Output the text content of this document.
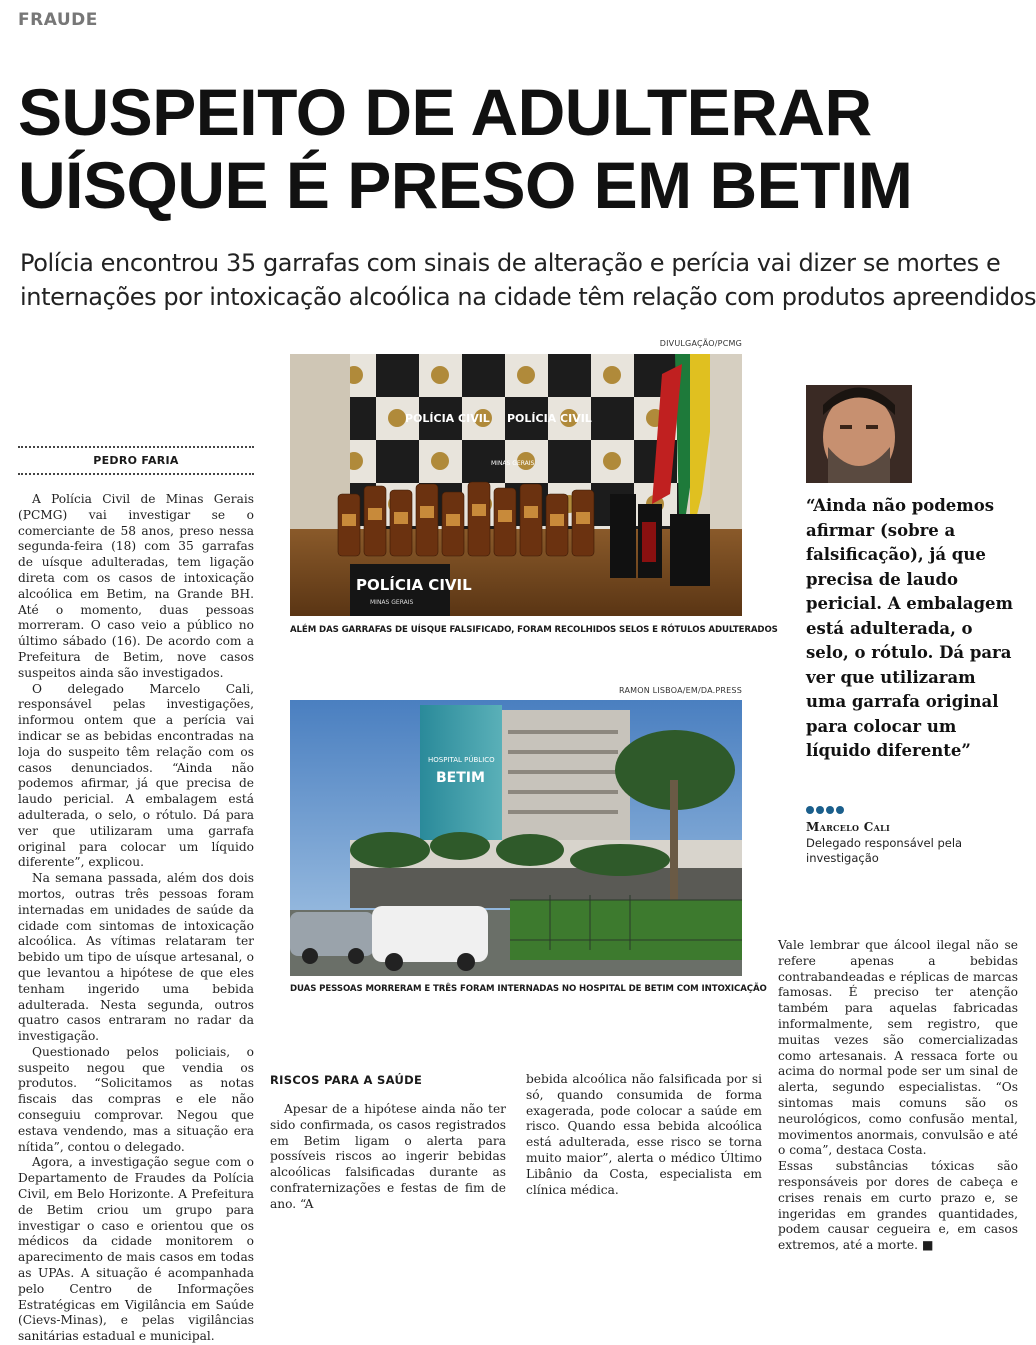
FRAUDE
SUSPEITO DE ADULTERAR
UÍSQUE É PRESO EM BETIM
Polícia encontrou 35 garrafas com sinais de alteração e perícia vai dizer se mortes e
internações por intoxicação alcoólica na cidade têm relação com produtos apreendidos
PEDRO FARIA

A Polícia Civil de Minas Gerais (PCMG) vai investigar se o comerciante de 58 anos, preso nessa segunda-feira (18) com 35 garrafas de uísque adulteradas, tem ligação direta com os casos de intoxicação alcoólica em Betim, na Grande BH. Até o momento, duas pessoas morreram. O caso veio a público no último sábado (16). De acordo com a Prefeitura de Betim, nove casos suspeitos ainda são investigados.

O delegado Marcelo Cali, responsável pelas investigações, informou ontem que a perícia vai indicar se as bebidas encontradas na loja do suspeito têm relação com os casos denunciados. “Ainda não podemos afirmar, já que precisa de laudo pericial. A embalagem está adulterada, o selo, o rótulo. Dá para ver que utilizaram uma garrafa original para colocar um líquido diferente”, explicou.

Na semana passada, além dos dois mortos, outras três pessoas foram internadas em unidades de saúde da cidade com sintomas de intoxicação alcoólica. As vítimas relataram ter bebido um tipo de uísque artesanal, o que levantou a hipótese de que eles tenham ingerido uma bebida adulterada. Nesta segunda, outros quatro casos entraram no radar da investigação.

Questionado pelos policiais, o suspeito negou que vendia os produtos. “Solicitamos as notas fiscais das compras e ele não conseguiu comprovar. Negou que estava vendendo, mas a situação era nítida”, contou o delegado.

Agora, a investigação segue com o Departamento de Fraudes da Polícia Civil, em Belo Horizonte. A Prefeitura de Betim criou um grupo para investigar o caso e orientou que os médicos da cidade monitorem o aparecimento de mais casos em todas as UPAs. A situação é acompanhada pelo Centro de Informações Estratégicas em Vigilância em Saúde (Cievs-Minas), e pelas vigilâncias sanitárias estadual e municipal.

DIVULGAÇÃO/PCMG
POLÍCIA CIVIL POLÍCIA CIVIL
MINAS GERAIS
POLÍCIA CIVIL
MINAS GERAIS
ALÉM DAS GARRAFAS DE UÍSQUE FALSIFICADO, FORAM RECOLHIDOS SELOS E RÓTULOS ADULTERADOS
RAMON LISBOA/EM/DA.PRESS
HOSPITAL PÚBLICO
BETIM
DUAS PESSOAS MORRERAM E TRÊS FORAM INTERNADAS NO HOSPITAL DE BETIM COM INTOXICAÇÃO
“Ainda não podemos afirmar (sobre a falsificação), já que precisa de laudo pericial. A embalagem está adulterada, o selo, o rótulo. Dá para ver que utilizaram uma garrafa original para colocar um líquido diferente”
Marcelo Cali
Delegado responsável pela investigação
RISCOS PARA A SAÚDE

Apesar de a hipótese ainda não ter sido confirmada, os casos registrados em Betim ligam o alerta para possíveis riscos ao ingerir bebidas alcoólicas falsificadas durante as confraternizações e festas de fim de ano. “A

bebida alcoólica não falsificada por si só, quando consumida de forma exagerada, pode colocar a saúde em risco. Quando essa bebida alcoólica está adulterada, esse risco se torna muito maior”, alerta o médico Último Libânio da Costa, especialista em clínica médica.

Vale lembrar que álcool ilegal não se refere apenas a bebidas contrabandeadas e réplicas de marcas famosas. É preciso ter atenção também para aquelas fabricadas informalmente, sem registro, que muitas vezes são comercializadas como artesanais. A ressaca forte ou acima do normal pode ser um sinal de alerta, segundo especialistas. “Os sintomas mais comuns são os neurológicos, como confusão mental, movimentos anormais, convulsão e até o coma”, destaca Costa.

Essas substâncias tóxicas são responsáveis por dores de cabeça e crises renais em curto prazo e, se ingeridas em grandes quantidades, podem causar cegueira e, em casos extremos, até a morte. ■
